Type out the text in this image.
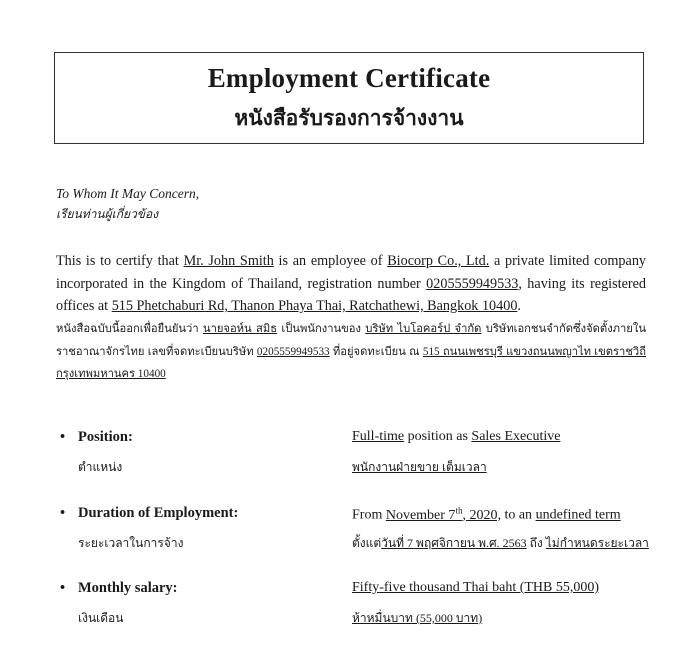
Employment Certificate
หนังสือรับรองการจ้างงาน
To Whom It May Concern,
เรียนท่านผู้เกี่ยวข้อง
This is to certify that Mr. John Smith is an employee of Biocorp Co., Ltd. a private limited company incorporated in the Kingdom of Thailand, registration number 0205559949533, having its registered offices at 515 Phetchaburi Rd, Thanon Phaya Thai, Ratchathewi, Bangkok 10400.
หนังสือฉบับนี้ออกเพื่อยืนยันว่า นายจอห์น สมิธ เป็นพนักงานของ บริษัท ไบโอคอร์ป จำกัด บริษัทเอกชนจำกัดซึ่งจัดตั้งภายในราชอาณาจักรไทย เลขที่จดทะเบียนบริษัท 0205559949533 ที่อยู่จดทะเบียน ณ 515 ถนนเพชรบุรี แขวงถนนพญาไท เขตราชวิถี กรุงเทพมหานคร 10400
• Position:
ตำแหน่ง
Full-time position as Sales Executive
พนักงานฝ่ายขาย เต็มเวลา
• Duration of Employment:
ระยะเวลาในการจ้าง
From November 7th, 2020, to an undefined term
ตั้งแต่วันที่ 7 พฤศจิกายน พ.ศ. 2563 ถึง ไม่กำหนดระยะเวลา
• Monthly salary:
เงินเดือน
Fifty-five thousand Thai baht (THB 55,000)
ห้าหมื่นบาท (55,000 บาท)
